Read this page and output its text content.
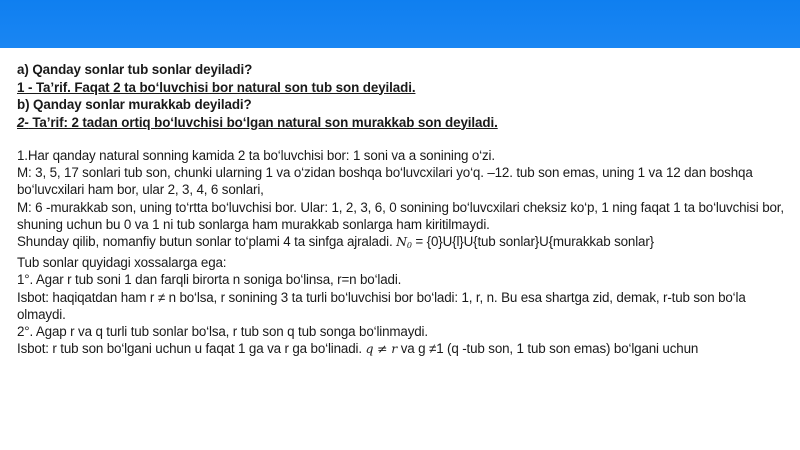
a) Qanday sonlar tub sonlar deyiladi?
1 - Ta’rif. Faqat 2 ta bo‘luvchisi bor natural son tub son deyiladi.
b) Qanday sonlar murakkab deyiladi?
2- Ta’rif: 2 tadan ortiq bo‘luvchisi bo‘lgan natural son murakkab son deyiladi.

1.Har qanday natural sonning kamida 2 ta bo‘luvchisi bor: 1 soni va a sonining o‘zi.

M: 3, 5, 17 sonlari tub son, chunki ularning 1 va o‘zidan boshqa bo‘luvcxilari yo‘q. –12. tub son emas, uning 1 va 12 dan boshqa bo‘luvcxilari ham bor, ular 2, 3, 4, 6 sonlari,

M: 6 -murakkab son, uning to‘rtta bo‘luvchisi bor. Ular: 1, 2, 3, 6, 0 sonining bo‘luvcxilari cheksiz ko‘p, 1 ning faqat 1 ta bo‘luvchisi bor, shuning uchun bu 0 va 1 ni tub sonlarga ham murakkab sonlarga ham kiritilmaydi.

Shunday qilib, nomanfiy butun sonlar to‘plami 4 ta sinfga ajraladi. $N_0 = \{0\}U\{l\}U\{tub$ sonlar}U{murakkab sonlar}

Tub sonlar quyidagi xossalarga ega:

1°. Agar r tub soni 1 dan farqli birorta n soniga bo‘linsa, r=n bo‘ladi.

Isbot: haqiqatdan ham r ≠ n bo‘lsa, r sonining 3 ta turli bo‘luvchisi bor bo‘ladi: 1, r, n. Bu esa shartga zid, demak, r-tub son bo‘la olmaydi.

2°. Agap r va q turli tub sonlar bo‘lsa, r tub son q tub songa bo‘linmaydi.

Isbot: r tub son bo‘lgani uchun u faqat 1 ga va r ga bo‘linadi. q ≠ r va g ≠1 (q -tub son, 1 tub son emas) bo‘lgani uchun
